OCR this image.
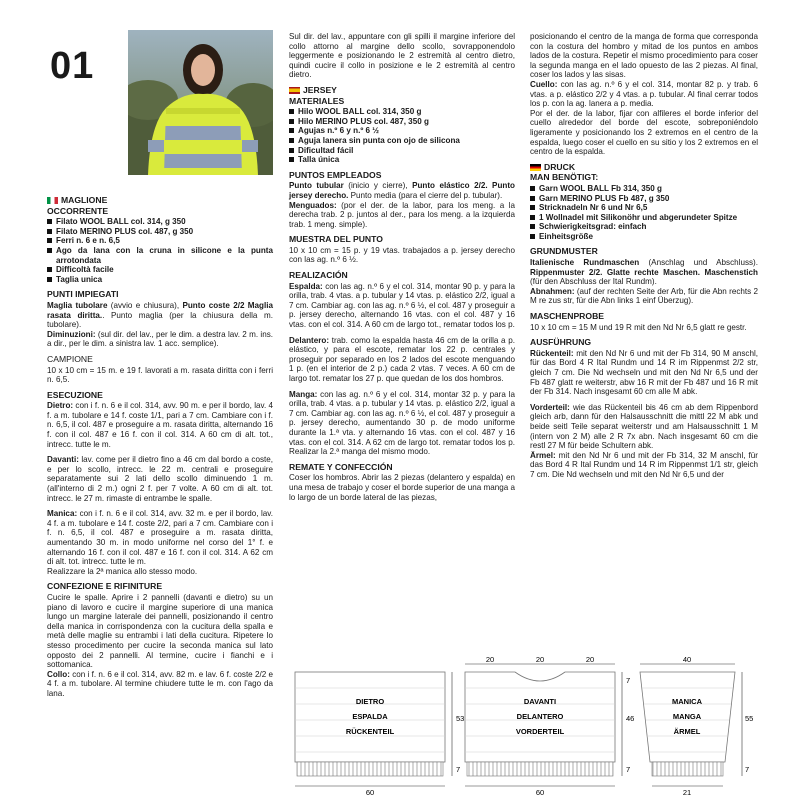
01
MAGLIONE
OCCORRENTE
Filato WOOL BALL col. 314, g 350
Filato MERINO PLUS col. 487, g 350
Ferri n. 6 e n. 6,5
Ago da lana con la cruna in silicone e la punta arrotondata
Difficoltà facile
Taglia unica
PUNTI IMPIEGATI

Maglia tubolare (avvio e chiusura), Punto coste 2/2 Maglia rasata diritta.. Punto maglia (per la chiusura della m. tubolare).
Diminuzioni: (sul dir. del lav., per le dim. a destra lav. 2 m. ins. a dir., per le dim. a sinistra lav. 1 acc. semplice).

CAMPIONE

10 x 10 cm = 15 m. e 19 f. lavorati a m. rasata diritta con i ferri n. 6,5.

ESECUZIONE

Dietro: con i f. n. 6 e il col. 314, avv. 90 m. e per il bordo, lav. 4 f. a m. tubolare e 14 f. coste 1/1, pari a 7 cm. Cambiare con i f. n. 6,5, il col. 487 e proseguire a m. rasata diritta, alternando 16 f. con il col. 487 e 16 f. con il col. 314. A 60 cm di alt. tot., intrecc. tutte le m.

Davanti: lav. come per il dietro fino a 46 cm dal bordo a coste, e per lo scollo, intrecc. le 22 m. centrali e proseguire separatamente sui 2 lati dello scollo diminuendo 1 m. (all'interno di 2 m.) ogni 2 f. per 7 volte. A 60 cm di alt. tot. intrecc. le 27 m. rimaste di entrambe le spalle.

Manica: con i f. n. 6 e il col. 314, avv. 32 m. e per il bordo, lav. 4 f. a m. tubolare e 14 f. coste 2/2, pari a 7 cm. Cambiare con i f. n. 6,5, il col. 487 e proseguire a m. rasata diritta, aumentando 30 m. in modo uniforme nel corso del 1° f. e alternando 16 f. con il col. 487 e 16 f. con il col. 314. A 62 cm di alt. tot. intrecc. tutte le m.
Realizzare la 2ª manica allo stesso modo.

CONFEZIONE E RIFINITURE

Cucire le spalle. Aprire i 2 pannelli (davanti e dietro) su un piano di lavoro e cucire il margine superiore di una manica lungo un margine laterale dei pannelli, posizionando il centro della manica in corrispondenza con la cucitura della spalla e metà delle maglie su entrambi i lati della cucitura. Ripetere lo stesso procedimento per cucire la seconda manica sul lato opposto dei 2 pannelli. Al termine, cucire i fianchi e i sottomanica.

Collo: con i f. n. 6 e il col. 314, avv. 82 m. e lav. 6 f. coste 2/2 e 4 f. a m. tubolare. Al termine chiudere tutte le m. con l'ago da lana.

Sul dir. del lav., appuntare con gli spilli il margine inferiore del collo attorno al margine dello scollo, sovrapponendolo leggermente e posizionando le 2 estremità al centro dietro, quindi cucire il collo in posizione e le 2 estremità al centro dietro.

JERSEY
MATERIALES
Hilo WOOL BALL col. 314, 350 g
Hilo MERINO PLUS col. 487, 350 g
Agujas n.º 6 y n.º 6 ½
Aguja lanera sin punta con ojo de silicona
Dificultad fácil
Talla única
PUNTOS EMPLEADOS

Punto tubular (inicio y cierre), Punto elástico 2/2. Punto jersey derecho. Punto media (para el cierre del p. tubular).
Menguados: (por el der. de la labor, para los meng. a la derecha trab. 2 p. juntos al der., para los meng. a la izquierda trab. 1 meng. simple).

MUESTRA DEL PUNTO

10 x 10 cm = 15 p. y 19 vtas. trabajados a p. jersey derecho con las ag. n.º 6 ½.

REALIZACIÓN

Espalda: con las ag. n.º 6 y el col. 314, montar 90 p. y para la orilla, trab. 4 vtas. a p. tubular y 14 vtas. p. elástico 2/2, igual a 7 cm. Cambiar ag. con las ag. n.º 6 ½, el col. 487 y proseguir a p. jersey derecho, alternando 16 vtas. con el col. 487 y 16 vtas. con el col. 314. A 60 cm de largo tot., rematar todos los p.

Delantero: trab. como la espalda hasta 46 cm de la orilla a p. elástico, y para el escote, rematar los 22 p. centrales y proseguir por separado en los 2 lados del escote menguando 1 p. (en el interior de 2 p.) cada 2 vtas. 7 veces. A 60 cm de largo tot. rematar los 27 p. que quedan de los dos hombros.

Manga: con las ag. n.º 6 y el col. 314, montar 32 p. y para la orilla, trab. 4 vtas. a p. tubular y 14 vtas. p. elástico 2/2, igual a 7 cm. Cambiar ag. con las ag. n.º 6 ½, el col. 487 y proseguir a p. jersey derecho, aumentando 30 p. de modo uniforme durante la 1.ª vta. y alternando 16 vtas. con el col. 487 y 16 vtas. con el col. 314. A 62 cm de largo tot. rematar todos los p. Realizar la 2.ª manga del mismo modo.

REMATE Y CONFECCIÓN

Coser los hombros. Abrir las 2 piezas (delantero y espalda) en una mesa de trabajo y coser el borde superior de una manga a lo largo de un borde lateral de las piezas,

posicionando el centro de la manga de forma que corresponda con la costura del hombro y mitad de los puntos en ambos lados de la costura. Repetir el mismo procedimiento para coser la segunda manga en el lado opuesto de las 2 piezas. Al final, coser los lados y las sisas.

Cuello: con las ag. n.º 6 y el col. 314, montar 82 p. y trab. 6 vtas. a p. elástico 2/2 y 4 vtas. a p. tubular. Al final cerrar todos los p. con la ag. lanera a p. media.
Por el der. de la labor, fijar con alfileres el borde inferior del cuello alrededor del borde del escote, sobreponiéndolo ligeramente y posicionando los 2 extremos en el centro de la espalda, luego coser el cuello en su sitio y los 2 extremos en el centro de la espalda.

DRUCK
MAN BENÖTIGT:
Garn WOOL BALL Fb 314, 350 g
Garn MERINO PLUS Fb 487, g 350
Stricknadeln Nr 6 und Nr 6,5
1 Wollnadel mit Silikonöhr und abgerundeter Spitze
Schwierigkeitsgrad: einfach
Einheitsgröße
GRUNDMUSTER

Italienische Rundmaschen (Anschlag und Abschluss). Rippenmuster 2/2. Glatte rechte Maschen. Maschenstich (für den Abschluss der Ital Rundm).
Abnahmen: (auf der rechten Seite der Arb, für die Abn rechts 2 M re zus str, für die Abn links 1 einf Überzug).

MASCHENPROBE

10 x 10 cm = 15 M und 19 R mit den Nd Nr 6,5 glatt re gestr.

AUSFÜHRUNG

Rückenteil: mit den Nd Nr 6 und mit der Fb 314, 90 M anschl, für das Bord 4 R Ital Rundm und 14 R im Rippenmst 2/2 str, gleich 7 cm. Die Nd wechseln und mit den Nd Nr 6,5 und der Fb 487 glatt re weiterstr, abw 16 R mit der Fb 487 und 16 R mit der Fb 314. Nach insgesamt 60 cm alle M abk.

Vorderteil: wie das Rückenteil bis 46 cm ab dem Rippenbord gleich arb, dann für den Halsausschnitt die mittl 22 M abk und beide seitl Teile separat weiterstr und am Halsausschnitt 1 M (intern von 2 M) alle 2 R 7x abn. Nach insgesamt 60 cm die restl 27 M für beide Schultern abk.
Ärmel: mit den Nd Nr 6 und mit der Fb 314, 32 M anschl, für das Bord 4 R Ital Rundm und 14 R im Rippenmst 1/1 str, gleich 7 cm. Die Nd wechseln und mit den Nd Nr 6,5 und der

DIETRO
ESPALDA
RÜCKENTEIL
60
53
7
20	20	20
DAVANTI
DELANTERO
VORDERTEIL
60
46
7
7
40
MANICA
MANGA
ÄRMEL
21
55
7
